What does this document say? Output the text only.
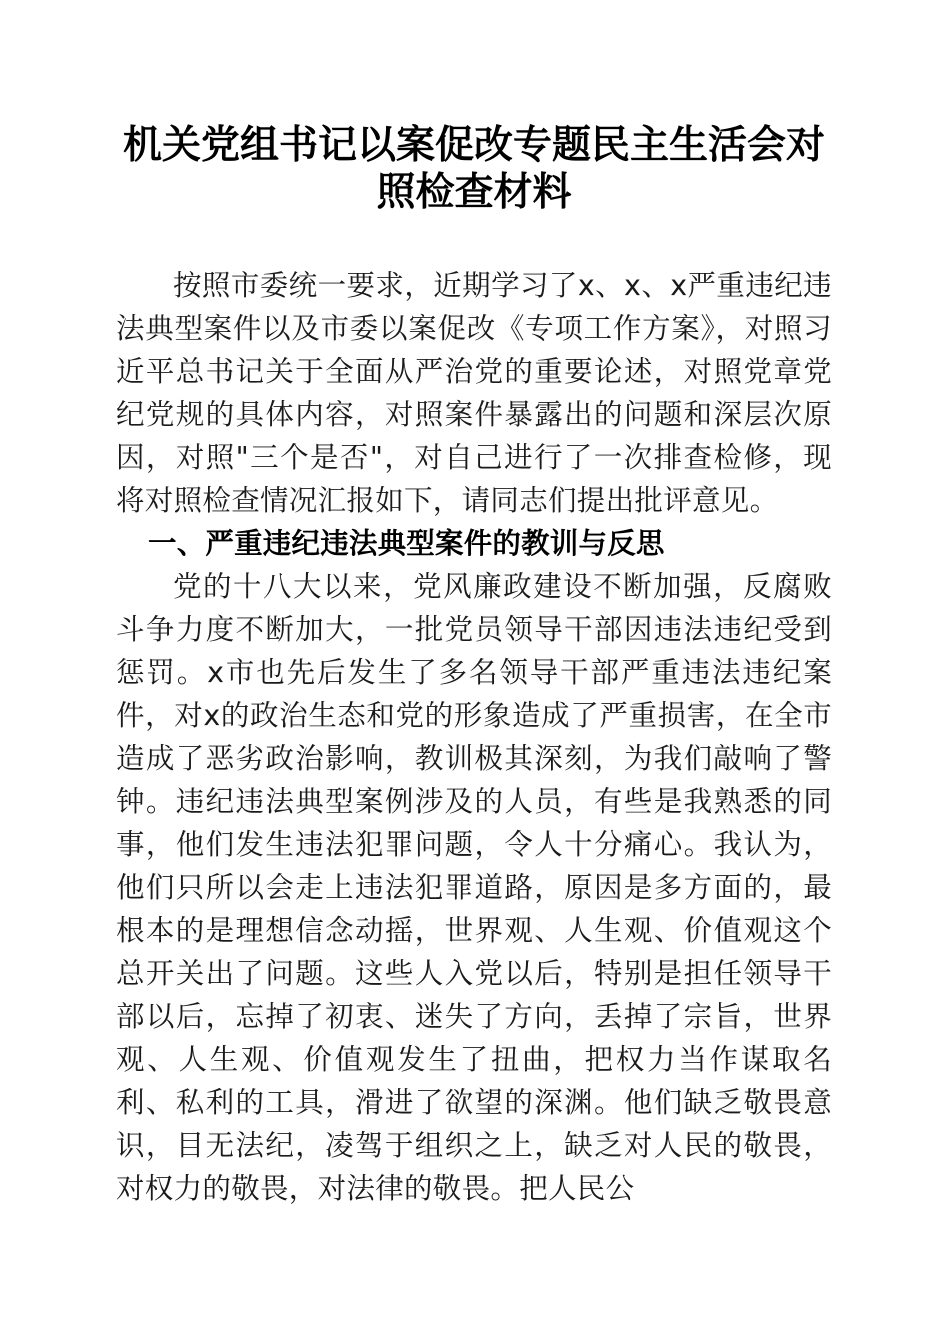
机关党组书记以案促改专题民主生活会对照检查材料

按照市委统一要求，近期学习了x、x、x严重违纪违法典型案件以及市委以案促改《专项工作方案》，对照习近平总书记关于全面从严治党的重要论述，对照党章党纪党规的具体内容，对照案件暴露出的问题和深层次原因，对照"三个是否"，对自己进行了一次排查检修，现将对照检查情况汇报如下，请同志们提出批评意见。

一、严重违纪违法典型案件的教训与反思

党的十八大以来，党风廉政建设不断加强，反腐败斗争力度不断加大，一批党员领导干部因违法违纪受到惩罚。x市也先后发生了多名领导干部严重违法违纪案件，对x的政治生态和党的形象造成了严重损害，在全市造成了恶劣政治影响，教训极其深刻，为我们敲响了警钟。违纪违法典型案例涉及的人员，有些是我熟悉的同事，他们发生违法犯罪问题，令人十分痛心。我认为，他们只所以会走上违法犯罪道路，原因是多方面的，最根本的是理想信念动摇，世界观、人生观、价值观这个总开关出了问题。这些人入党以后，特别是担任领导干部以后，忘掉了初衷、迷失了方向，丢掉了宗旨，世界观、人生观、价值观发生了扭曲，把权力当作谋取名利、私利的工具，滑进了欲望的深渊。他们缺乏敬畏意识，目无法纪，凌驾于组织之上，缺乏对人民的敬畏，对权力的敬畏，对法律的敬畏。把人民公
